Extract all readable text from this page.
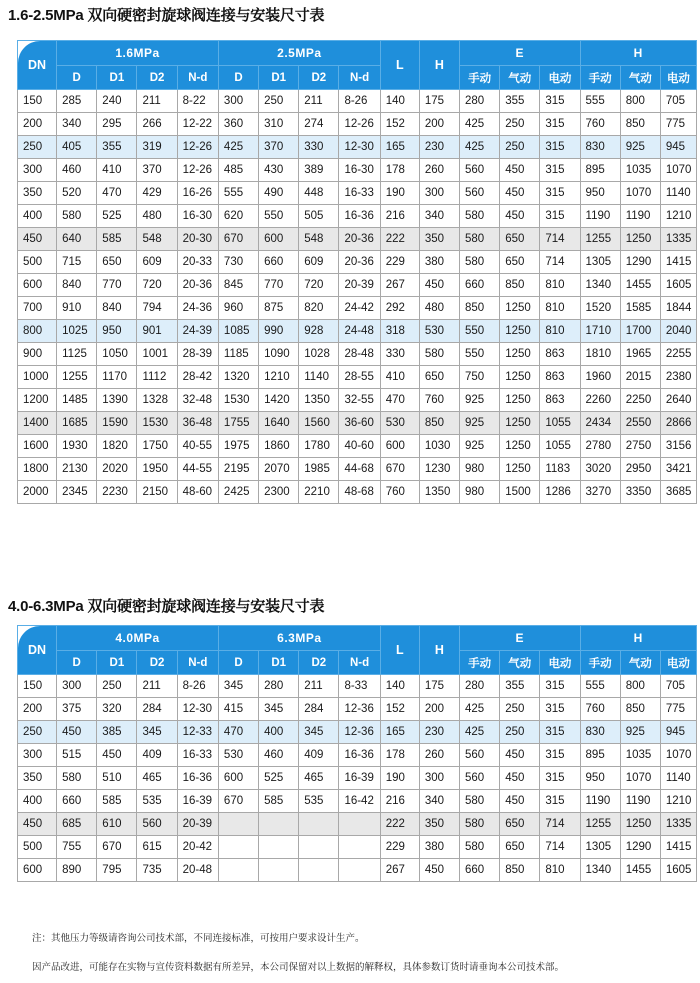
1.6-2.5MPa 双向硬密封旋球阀连接与安装尺寸表
DN	1.6MPa				2.5MPa				L	H	E			H		
	D	D1	D2	N-d	D	D1	D2	N-d			手动	气动	电动	手动	气动	电动
150	285	240	211	8-22	300	250	211	8-26	140	175	280	355	315	555	800	705
200	340	295	266	12-22	360	310	274	12-26	152	200	425	250	315	760	850	775
250	405	355	319	12-26	425	370	330	12-30	165	230	425	250	315	830	925	945
300	460	410	370	12-26	485	430	389	16-30	178	260	560	450	315	895	1035	1070
350	520	470	429	16-26	555	490	448	16-33	190	300	560	450	315	950	1070	1140
400	580	525	480	16-30	620	550	505	16-36	216	340	580	450	315	1190	1190	1210
450	640	585	548	20-30	670	600	548	20-36	222	350	580	650	714	1255	1250	1335
500	715	650	609	20-33	730	660	609	20-36	229	380	580	650	714	1305	1290	1415
600	840	770	720	20-36	845	770	720	20-39	267	450	660	850	810	1340	1455	1605
700	910	840	794	24-36	960	875	820	24-42	292	480	850	1250	810	1520	1585	1844
800	1025	950	901	24-39	1085	990	928	24-48	318	530	550	1250	810	1710	1700	2040
900	1125	1050	1001	28-39	1185	1090	1028	28-48	330	580	550	1250	863	1810	1965	2255
1000	1255	1170	1112	28-42	1320	1210	1140	28-55	410	650	750	1250	863	1960	2015	2380
1200	1485	1390	1328	32-48	1530	1420	1350	32-55	470	760	925	1250	863	2260	2250	2640
1400	1685	1590	1530	36-48	1755	1640	1560	36-60	530	850	925	1250	1055	2434	2550	2866
1600	1930	1820	1750	40-55	1975	1860	1780	40-60	600	1030	925	1250	1055	2780	2750	3156
1800	2130	2020	1950	44-55	2195	2070	1985	44-68	670	1230	980	1250	1183	3020	2950	3421
2000	2345	2230	2150	48-60	2425	2300	2210	48-68	760	1350	980	1500	1286	3270	3350	3685
4.0-6.3MPa 双向硬密封旋球阀连接与安装尺寸表
DN	4.0MPa				6.3MPa				L	H	E			H		
	D	D1	D2	N-d	D	D1	D2	N-d			手动	气动	电动	手动	气动	电动
150	300	250	211	8-26	345	280	211	8-33	140	175	280	355	315	555	800	705
200	375	320	284	12-30	415	345	284	12-36	152	200	425	250	315	760	850	775
250	450	385	345	12-33	470	400	345	12-36	165	230	425	250	315	830	925	945
300	515	450	409	16-33	530	460	409	16-36	178	260	560	450	315	895	1035	1070
350	580	510	465	16-36	600	525	465	16-39	190	300	560	450	315	950	1070	1140
400	660	585	535	16-39	670	585	535	16-42	216	340	580	450	315	1190	1190	1210
450	685	610	560	20-39					222	350	580	650	714	1255	1250	1335
500	755	670	615	20-42					229	380	580	650	714	1305	1290	1415
600	890	795	735	20-48					267	450	660	850	810	1340	1455	1605
注：其他压力等级请咨询公司技术部，不同连接标准，可按用户要求设计生产。
因产品改进，可能存在实物与宣传资料数据有所差异，本公司保留对以上数据的解释权，具体参数订货时请垂询本公司技术部。
